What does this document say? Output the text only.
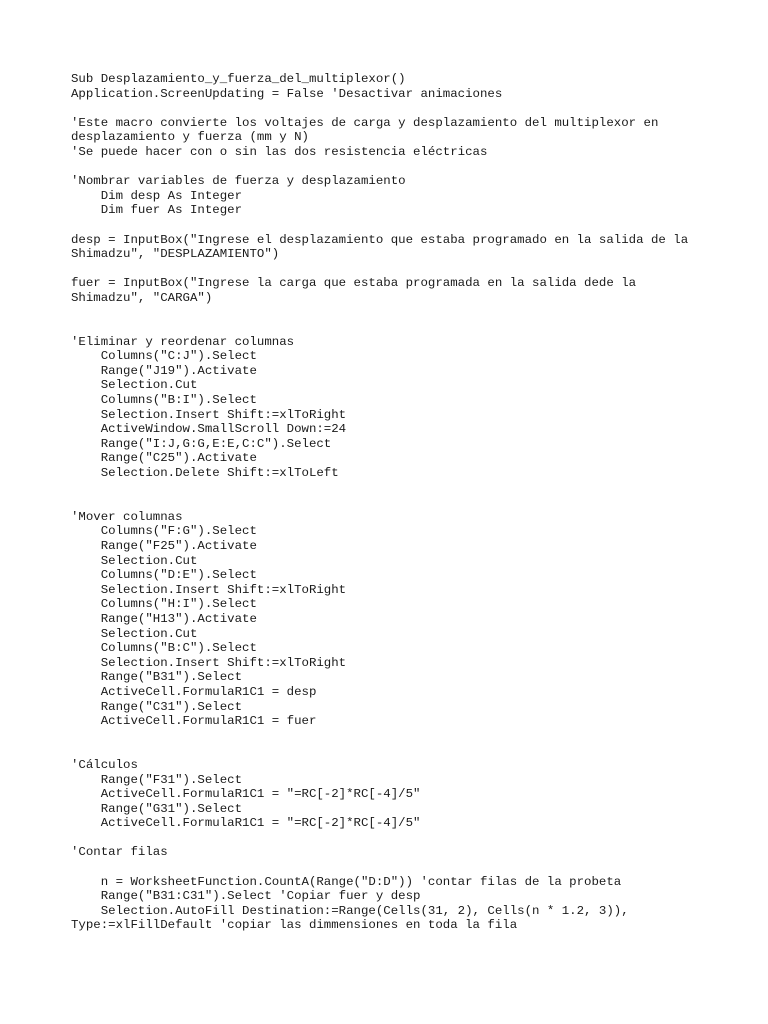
Sub Desplazamiento_y_fuerza_del_multiplexor()
Application.ScreenUpdating = False 'Desactivar animaciones
'Este macro convierte los voltajes de carga y desplazamiento del multiplexor en
desplazamiento y fuerza (mm y N)
'Se puede hacer con o sin las dos resistencia eléctricas
'Nombrar variables de fuerza y desplazamiento
Dim desp As Integer
Dim fuer As Integer
desp = InputBox("Ingrese el desplazamiento que estaba programado en la salida de la
Shimadzu", "DESPLAZAMIENTO")
fuer = InputBox("Ingrese la carga que estaba programada en la salida dede la
Shimadzu", "CARGA")
'Eliminar y reordenar columnas
Columns("C:J").Select
Range("J19").Activate
Selection.Cut
Columns("B:I").Select
Selection.Insert Shift:=xlToRight
ActiveWindow.SmallScroll Down:=24
Range("I:J,G:G,E:E,C:C").Select
Range("C25").Activate
Selection.Delete Shift:=xlToLeft
'Mover columnas
Columns("F:G").Select
Range("F25").Activate
Selection.Cut
Columns("D:E").Select
Selection.Insert Shift:=xlToRight
Columns("H:I").Select
Range("H13").Activate
Selection.Cut
Columns("B:C").Select
Selection.Insert Shift:=xlToRight
Range("B31").Select
ActiveCell.FormulaR1C1 = desp
Range("C31").Select
ActiveCell.FormulaR1C1 = fuer
'Cálculos
Range("F31").Select
ActiveCell.FormulaR1C1 = "=RC[-2]*RC[-4]/5"
Range("G31").Select
ActiveCell.FormulaR1C1 = "=RC[-2]*RC[-4]/5"
'Contar filas
n = WorksheetFunction.CountA(Range("D:D")) 'contar filas de la probeta
Range("B31:C31").Select 'Copiar fuer y desp
Selection.AutoFill Destination:=Range(Cells(31, 2), Cells(n * 1.2, 3)),
Type:=xlFillDefault 'copiar las dimmensiones en toda la fila
